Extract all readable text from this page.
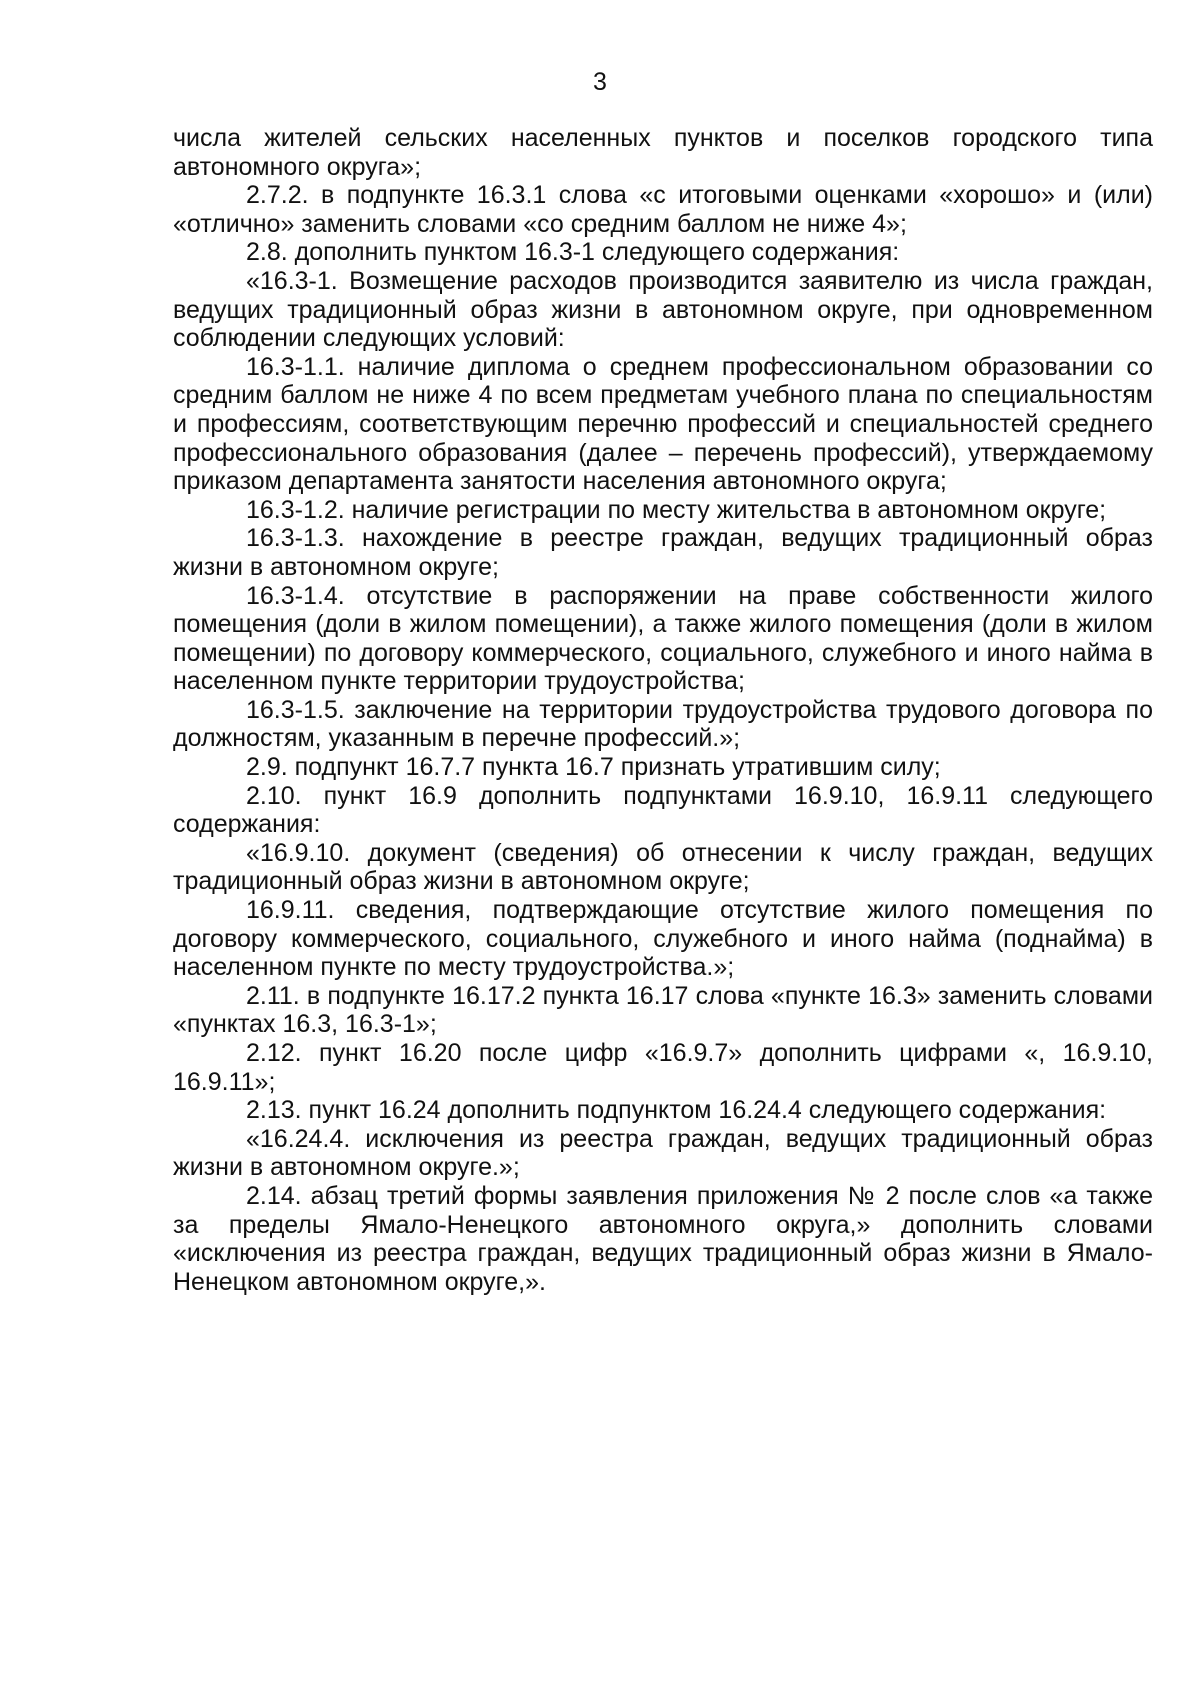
3

числа жителей сельских населенных пунктов и поселков городского типа автономного округа»;

2.7.2. в подпункте 16.3.1 слова «с итоговыми оценками «хорошо» и (или) «отлично» заменить словами «со средним баллом не ниже 4»;

2.8. дополнить пунктом 16.3-1 следующего содержания:

«16.3-1. Возмещение расходов производится заявителю из числа граждан, ведущих традиционный образ жизни в автономном округе, при одновременном соблюдении следующих условий:

16.3-1.1. наличие диплома о среднем профессиональном образовании со средним баллом не ниже 4 по всем предметам учебного плана по специальностям и профессиям, соответствующим перечню профессий и специальностей среднего профессионального образования (далее – перечень профессий), утверждаемому приказом департамента занятости населения автономного округа;

16.3-1.2. наличие регистрации по месту жительства в автономном округе;

16.3-1.3. нахождение в реестре граждан, ведущих традиционный образ жизни в автономном округе;

16.3-1.4. отсутствие в распоряжении на праве собственности жилого помещения (доли в жилом помещении), а также жилого помещения (доли в жилом помещении) по договору коммерческого, социального, служебного и иного найма в населенном пункте территории трудоустройства;

16.3-1.5. заключение на территории трудоустройства трудового договора по должностям, указанным в перечне профессий.»;

2.9. подпункт 16.7.7 пункта 16.7 признать утратившим силу;

2.10. пункт 16.9 дополнить подпунктами 16.9.10, 16.9.11 следующего содержания:

«16.9.10. документ (сведения) об отнесении к числу граждан, ведущих традиционный образ жизни в автономном округе;

16.9.11. сведения, подтверждающие отсутствие жилого помещения по договору коммерческого, социального, служебного и иного найма (поднайма) в населенном пункте по месту трудоустройства.»;

2.11. в подпункте 16.17.2 пункта 16.17 слова «пункте 16.3» заменить словами «пунктах 16.3, 16.3-1»;

2.12. пункт 16.20 после цифр «16.9.7» дополнить цифрами «, 16.9.10, 16.9.11»;

2.13. пункт 16.24 дополнить подпунктом 16.24.4 следующего содержания:

«16.24.4. исключения из реестра граждан, ведущих традиционный образ жизни в автономном округе.»;

2.14. абзац третий формы заявления приложения № 2 после слов «а также за пределы Ямало-Ненецкого автономного округа,» дополнить словами «исключения из реестра граждан, ведущих традиционный образ жизни в Ямало-Ненецком автономном округе,».
